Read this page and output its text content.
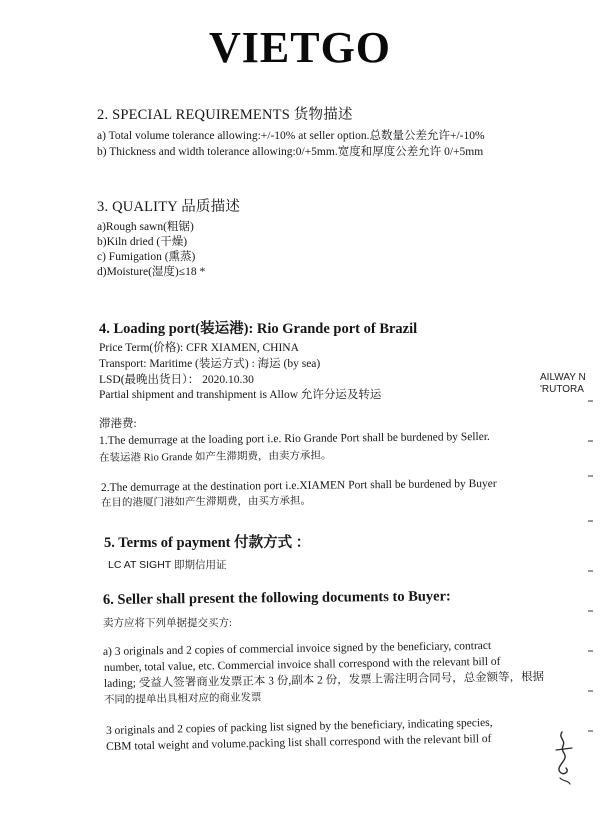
VIETGO
2. SPECIAL REQUIREMENTS 货物描述
a) Total volume tolerance allowing:+/-10% at seller option.总数量公差允许+/-10%
b) Thickness and width tolerance allowing:0/+5mm.宽度和厚度公差允许 0/+5mm
3. QUALITY 品质描述
a)Rough sawn(粗锯)
b)Kiln dried (干燥)
c) Fumigation (熏蒸)
d)Moisture(湿度)≤18 *
4. Loading port(装运港): Rio Grande port of Brazil
Price Term(价格): CFR XIAMEN, CHINA
Transport: Maritime (装运方式) : 海运 (by sea)
LSD(最晚出货日）： 2020.10.30
Partial shipment and transhipment is Allow 允许分运及转运
滞港费:
1.The demurrage at the loading port i.e. Rio Grande Port shall be burdened by Seller.
在装运港 Rio Grande 如产生滞期费，由卖方承担。
2.The demurrage at the destination port i.e.XIAMEN Port shall be burdened by Buyer
在目的港厦门港如产生滞期费，由买方承担。
5. Terms of payment 付款方式 ：
LC AT SIGHT 即期信用证
6. Seller shall present the following documents to Buyer:
卖方应将下列单据提交买方:
a) 3 originals and 2 copies of commercial invoice signed by the beneficiary, contract
number, total value, etc. Commercial invoice shall correspond with the relevant bill of
lading; 受益人签署商业发票正本 3 份,副本 2 份，发票上需注明合同号，总金额等，根据
不同的提单出具相对应的商业发票
3 originals and 2 copies of packing list signed by the beneficiary, indicating species,
CBM total weight and volume.packing list shall correspond with the relevant bill of
AILWAY N
'RUTORA
